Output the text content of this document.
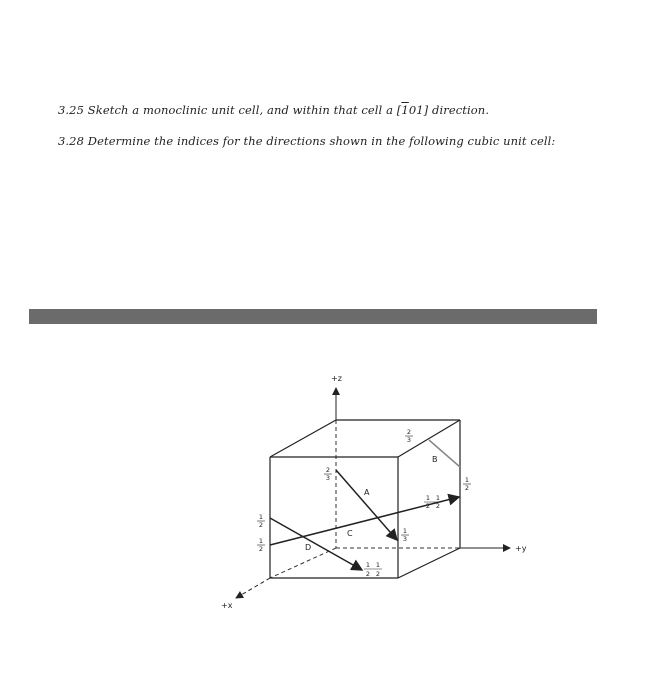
3.25 Sketch a monoclinic unit cell, and within that cell a [101] direction.
3.28 Determine the indices for the directions shown in the following cubic unit cell:
+z
+y
+x
A
B
C
D
2
3
2
3	1
2
1 1
2 2
1
3
1
2
1
2
1 1
2 2
